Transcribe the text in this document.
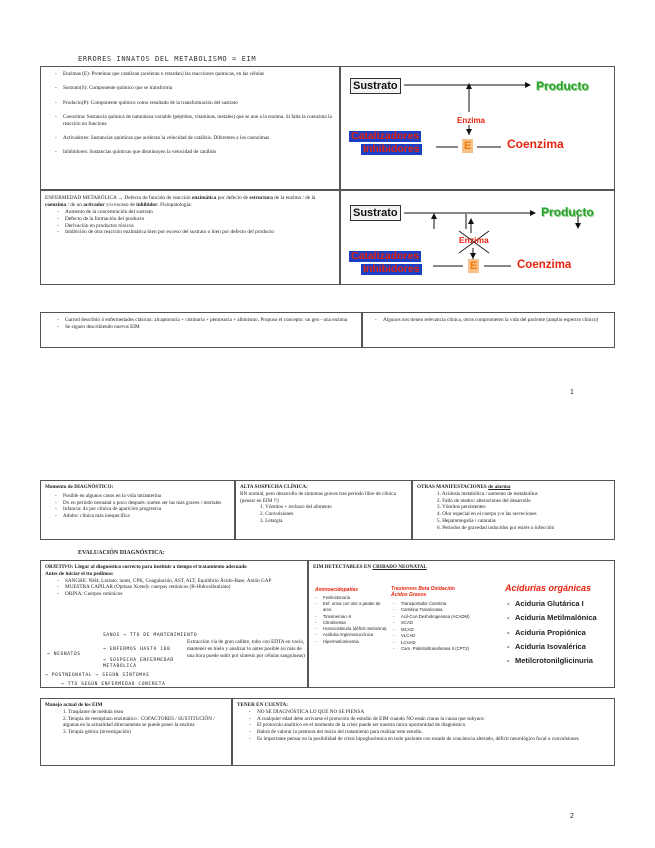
ERRORES INNATOS DEL METABOLISMO = EIM
- Enzimas (E): Proteínas que catalizan (aceleran o retardan) las reacciones químicas, en las células
- Sustrato(S): Componente químico que se transforma
- Producto(P): Componente químico como resultado de la transformación del sustrato
- Coenzima: Sustancia química de naturaleza variable (péptidos, vitaminas, metales) que se une a la enzima. Si falta la coenzima la reacción no funciona
- Activadores: Sustancias químicas que aceleran la velocidad de catálisis. Diferentes a los coenzimas
- Inhibidores: Sustancias químicas que disminuyen la velocidad de catálisis
Sustrato	Producto
Enzima
Catalizadores
Inhibidores	E	Coenzima

ENFERMEDAD METABÓLICA → Defecto de función de reacción enzimática por defecto de estructura de la enzima / de la coenzima / de un activador y/o exceso de inhibidor. Fisiopatología:

- Aumento de la concentración del sustrato
- Defecto de la formación del producto
- Derivación en productos tóxicos
- Inhibición de otra reacción enzimática bien por exceso del sustrato o bien por defecto del producto
Sustrato	Producto
Enzima
Catalizadores
Inhibidores	E	Coenzima
- Garrod describió 4 enfermedades clásicas: alcaptonuria + cistinuria + pentosuria + albinismo. Propuso el concepto: un gen - una enzima
- Se siguen describiendo nuevos EIM
- Algunos nos tienen relevancia clínica, otros comprometen la vida del paciente (amplio espectro clínico)
1
Momento de DIAGNÓSTICO:
- Posible en algunos casos en la vida intrauterina
- Dx en periodo neonatal o poco después: suelen ser las más graves / mortales
- Infancia: dx por clínica de aparición progresiva
- Adulto: clínica más inespecífica
ALTA SOSPECHA CLÍNICA:

RN normal, pero desarrollo de síntomas graves tras periodo libre de clínica (pensar en EIM !!)

1. Vómitos + rechazo del alimento
2. Convulsiones
3. Letargia
OTRAS MANIFESTACIONES de alarma
1. Acidosis metabólica / aumento de metabolitos
2. Fallo de medro/ alteraciones del desarrollo
3. Vómitos persistentes
4. Olor especial en el cuerpo y/o las secreciones
5. Hepatomegalia / cataratas
6. Periodos de gravedad inducidos por estrés o infección
EVALUACIÓN DIAGNÓSTICA:
OBJETIVO: Llegar al diagnóstico correcto para instituir a tiempo el tratamiento adecuado
Antes de iniciar el tto pedimos:
- SANGRE: NH4, Lactato, iones, CPK, Coagulación, AST, ALT, Equilibrio Ácido-Base, Anión GAP
- MUESTRA CAPILAR (Optisan Xceed): cuerpos cetónicos (B-Hidroxibutirato)
- ORINA: Cuerpos cetónicos
SANOS → TTO DE MANTENIMIENTO
→ NEONATOS
→ ENFERMOS HASTA 160
→ SOSPECHA ENFERMEDAD METABÓLICA
→ POSTNEONATAL → SEGÚN SÍNTOMAS
→ TTO SEGÚN ENFERMEDAD CONCRETA
Extracción vía de gran calibre, tubo con EDTA en vacío, mantener en hielo y analizar lo antes posible (si más de una hora puede subir por síntesis por células sanguíneas)
EIM DETECTABLES EN CRIBADO NEONATAL
Aminoacidopatías
- Fenilcetonuria
- Enf. orina con olor a jarabe de arce
- Tirosinemia I-II
- Citrulinemia
- Homocistinuria (déficit metionina)
- Aciduria Argininosuccínica
- Hipermetioninemia
Trastornos Beta Oxidación Ácidos Grasos
- Transportador Carnitina
- Carnitina Translocasa
- Acil-CoA Deshidrogenasa (ACADM)
- SCAD
- MCAD
- VLCAD
- LCHAD
- Carn. Palmitoiltransferasa II (CPT2)
Acidurias orgánicas
- Aciduria Glutárica I
- Aciduria Metilmalónica
- Aciduria Propiónica
- Aciduria Isovalérica
- Metilcrotonilglicinuria
Manejo actual de los EIM
1. Trasplante de médula ósea
2. Terapia de reemplazo enzimático : COFACTORES / SUSTITUCIÓN / algunas en la actualidad directamente se puede poner la enzima
3. Terapia génica (investigación)
TENER EN CUENTA:
- NO SE DIAGNOSTICA LO QUE NO SE PIENSA
- A cualquier edad debe activarse el protocolo de estudio de EIM cuando NO están claras la causa que subyace.
- El protocolo analítico en el momento de la crisis puede ser nuestra única oportunidad de diagnóstico.
- Habrá de valorar la premura del inicio del tratamiento para realizar este estudio.
- Es importante pensar en la posibilidad de crisis hipoglucémica en todo paciente con estado de conciencia alterado, déficit neurológico focal o convulsiones
2
